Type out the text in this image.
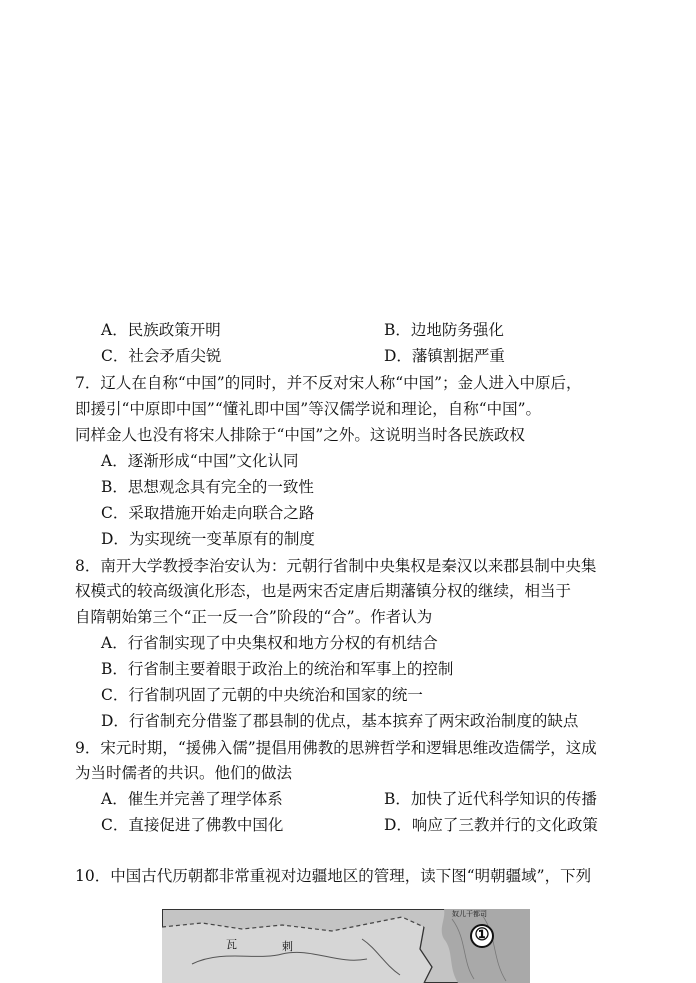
A．民族政策开明	B．边地防务强化
C．社会矛盾尖锐	D．藩镇割据严重
7．辽人在自称“中国”的同时，并不反对宋人称“中国”；金人进入中原后，
即援引“中原即中国”“懂礼即中国”等汉儒学说和理论，自称“中国”。
同样金人也没有将宋人排除于“中国”之外。这说明当时各民族政权
A．逐渐形成“中国”文化认同
B．思想观念具有完全的一致性
C．采取措施开始走向联合之路
D．为实现统一变革原有的制度
8．南开大学教授李治安认为：元朝行省制中央集权是秦汉以来郡县制中央集
权模式的较高级演化形态，也是两宋否定唐后期藩镇分权的继续，相当于
自隋朝始第三个“正一反一合”阶段的“合”。作者认为
A．行省制实现了中央集权和地方分权的有机结合
B．行省制主要着眼于政治上的统治和军事上的控制
C．行省制巩固了元朝的中央统治和国家的统一
D．行省制充分借鉴了郡县制的优点，基本摈弃了两宋政治制度的缺点
9．宋元时期，“援佛入儒”提倡用佛教的思辨哲学和逻辑思维改造儒学，这成
为当时儒者的共识。他们的做法
A．催生并完善了理学体系	B．加快了近代科学知识的传播
C．直接促进了佛教中国化	D．响应了三教并行的文化政策
10．中国古代历朝都非常重视对边疆地区的管理，读下图“明朝疆域”，下列
①
瓦	剌
奴儿干都司
